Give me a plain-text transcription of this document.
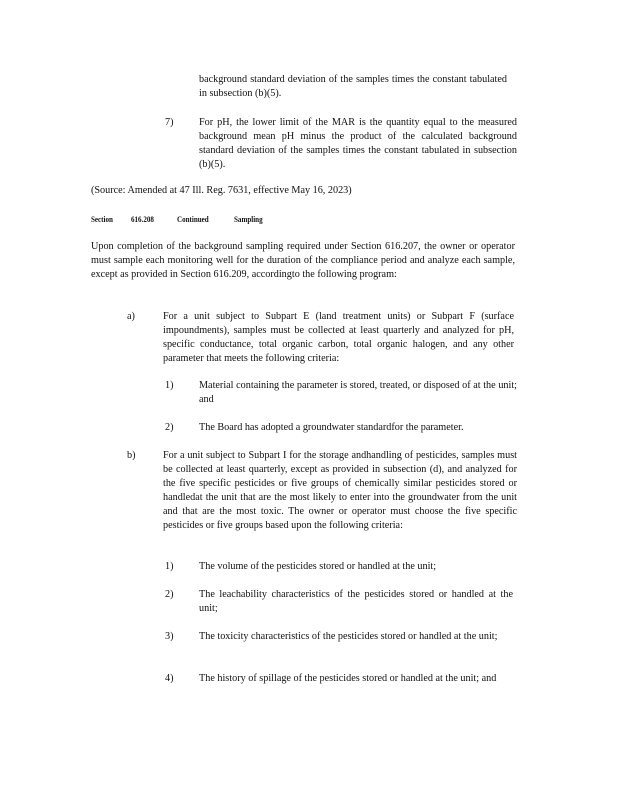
background standard deviation of the samples times the constant tabulated in subsection (b)(5).

7)	For pH, the lower limit of the MAR is the quantity equal to the measured background mean pH minus the product of the calculated background standard deviation of the samples times the constant tabulated in subsection (b)(5).

(Source: Amended at 47 Ill. Reg. 7631, effective May 16, 2023)

Section 616.208	Continued	Sampling

Upon completion of the background sampling required under Section 616.207, the owner or operator must sample each monitoring well for the duration of the compliance period and analyze each sample, except as provided in Section 616.209, accordingto the following program:

a)	For a unit subject to Subpart E (land treatment units) or Subpart F (surface impoundments), samples must be collected at least quarterly and analyzed for pH, specific conductance, total organic carbon, total organic halogen, and any other parameter that meets the following criteria:

1)	Material containing the parameter is stored, treated, or disposed of at the unit; and

2)	The Board has adopted a groundwater standardfor the parameter.

b)	For a unit subject to Subpart I for the storage andhandling of pesticides, samples must be collected at least quarterly, except as provided in subsection (d), and analyzed for the five specific pesticides or five groups of chemically similar pesticides stored or handledat the unit that are the most likely to enter into the groundwater from the unit and that are the most toxic. The owner or operator must choose the five specific pesticides or five groups based upon the following criteria:

1)	The volume of the pesticides stored or handled at the unit;

2)	The leachability characteristics of the pesticides stored or handled at the unit;

3)	The toxicity characteristics of the pesticides stored or handled at the unit;

4)	The history of spillage of the pesticides stored or handled at the unit; and
